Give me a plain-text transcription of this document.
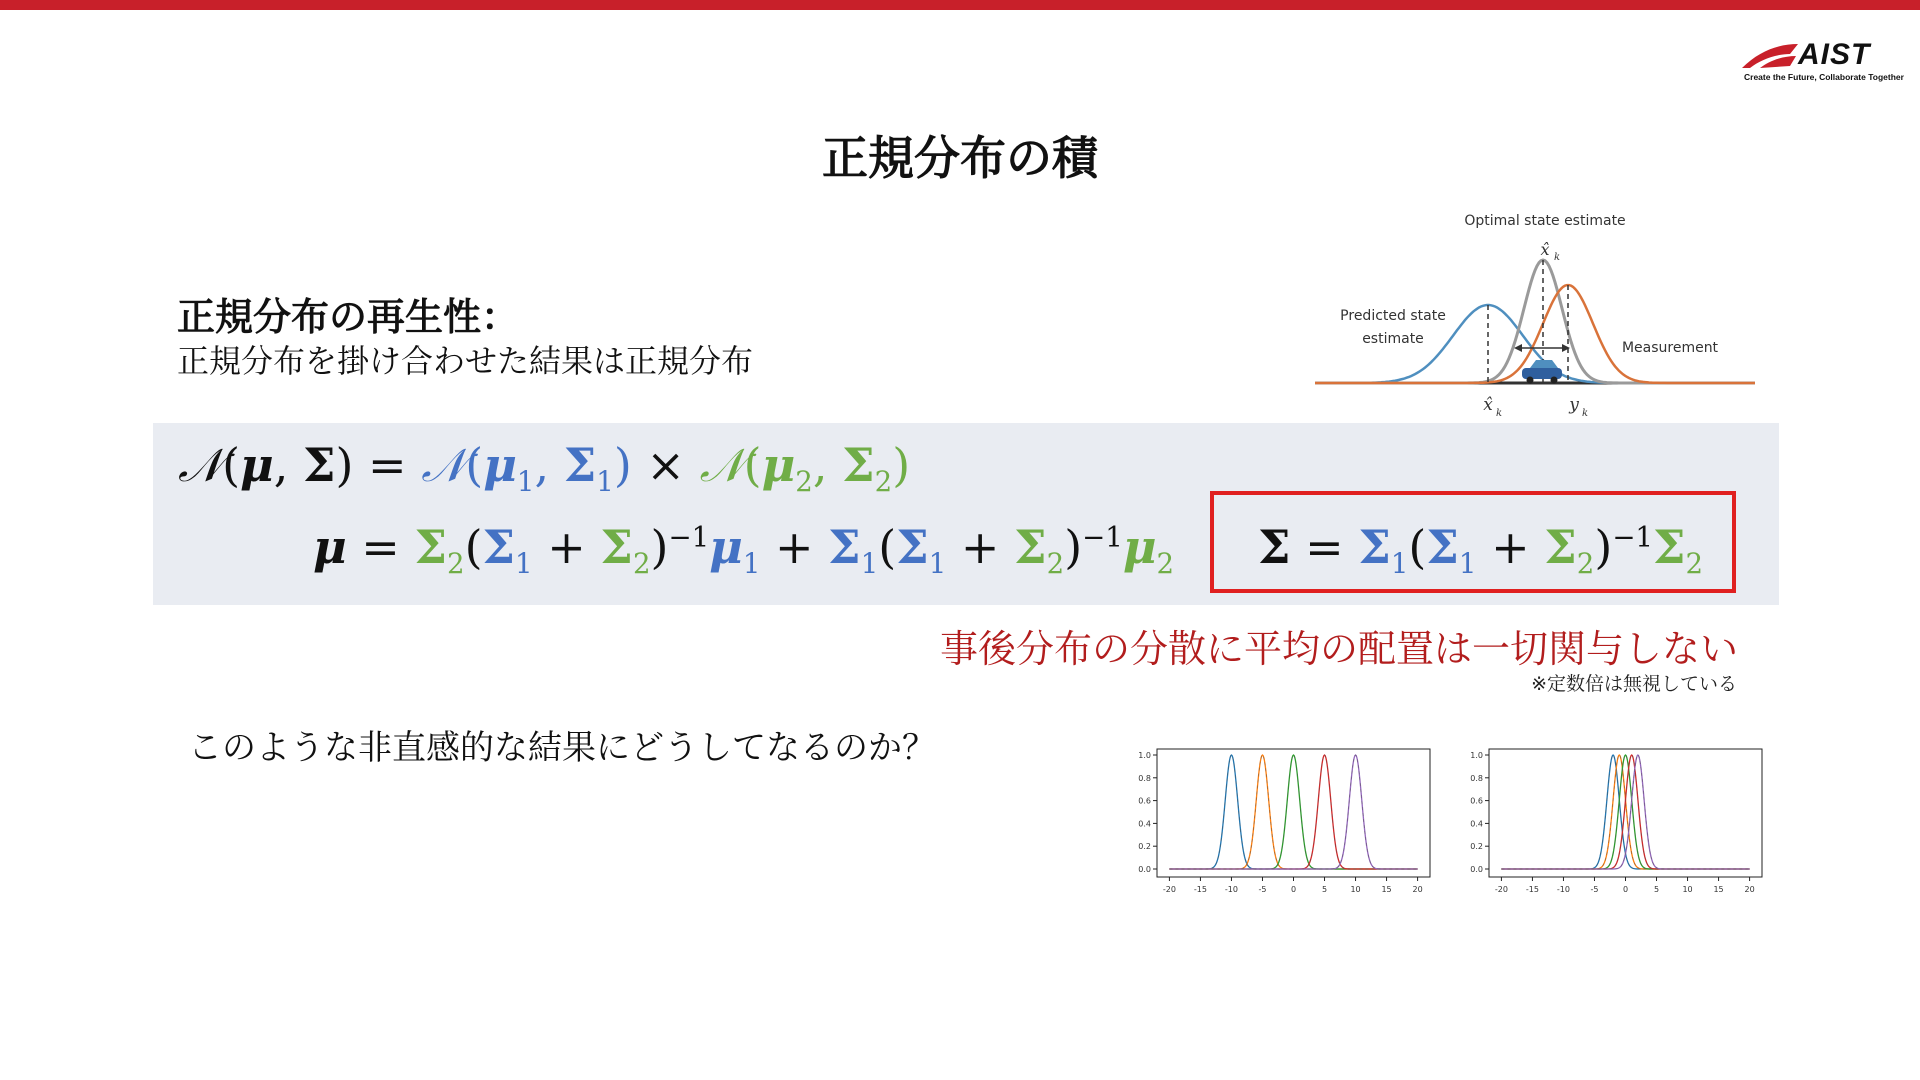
AIST
Create the Future, Collaborate Together
正規分布の積
正規分布の再生性：
正規分布を掛け合わせた結果は正規分布
Optimal state estimate
x̂ k
Predicted state
estimate
Measurement
x̂ k	y k
𝒩(μ, $\Sigma) = 𝒩(\mu_1$, $\Sigma_1$) × $𝒩(\mu_2$, $\Sigma_2$)
$\mu = \Sigma_2(\Sigma_1 + \Sigma_2)^{-1}\mu_1 + \Sigma_1(\Sigma_1 + \Sigma_2)^{-1}\mu_2$ $\Sigma = \Sigma_1(\Sigma_1 + \Sigma_2)^{-1}\Sigma_2$
事後分布の分散に平均の配置は一切関与しない
※定数倍は無視している
このような非直感的な結果にどうしてなるのか？
0.0
0.2
0.4
0.6
0.8
1.0
-20 -15 -10	-5	0	5	10	15	20
0.0
0.2
0.4
0.6
0.8
1.0
-20 -15 -10	-5	0	5	10	15	20
